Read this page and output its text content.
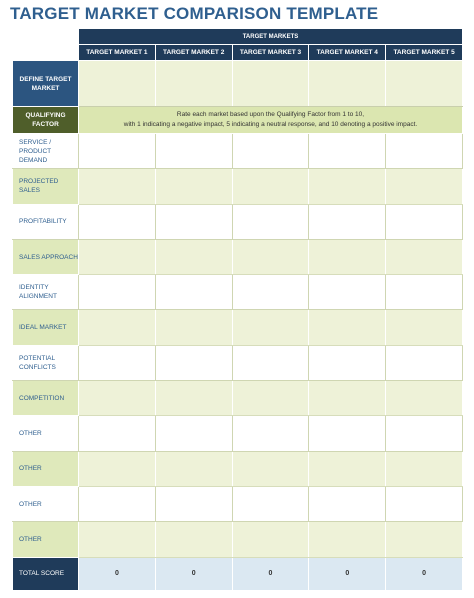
TARGET MARKET COMPARISON TEMPLATE
	TARGET MARKETS				
	TARGET MARKET 1	TARGET MARKET 2	TARGET MARKET 3	TARGET MARKET 4	TARGET MARKET 5
DEFINE TARGET MARKET					
QUALIFYING FACTOR	Rate each market based upon the Qualifying Factor from 1 to 10,
with 1 indicating a negative impact, 5 indicating a neutral response, and 10 denoting a positive impact.				

SERVICE / PRODUCT DEMAND					
PROJECTED SALES					
PROFITABILITY					
SALES APPROACH					
IDENTITY ALIGNMENT					
IDEAL MARKET					
POTENTIAL CONFLICTS					
COMPETITION					
OTHER					
OTHER					
OTHER					
OTHER					
TOTAL SCORE	0	0	0	0	0
